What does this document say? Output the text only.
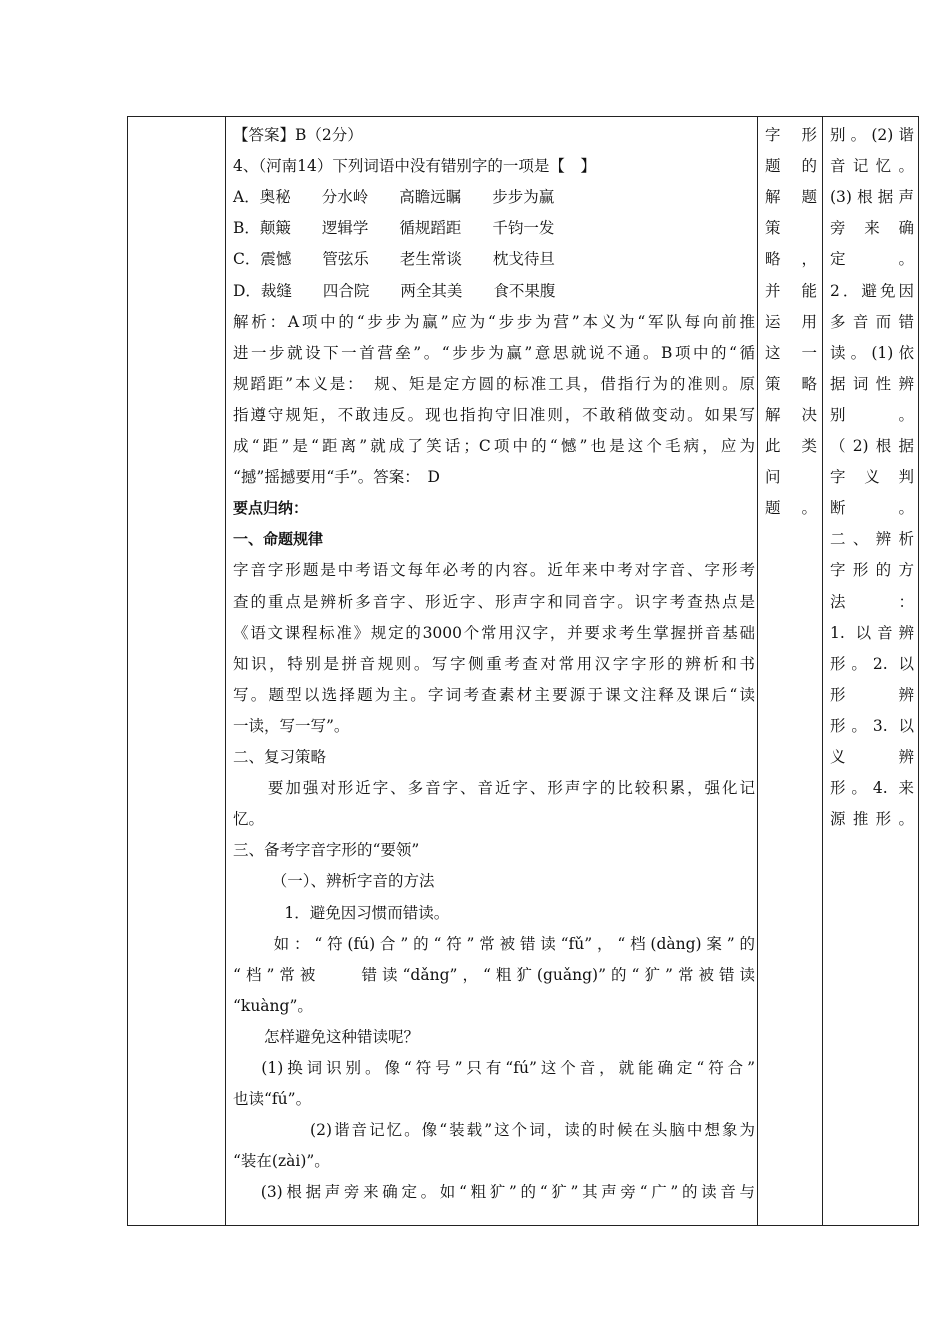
【答案】B（2分）
4、（河南14）下列词语中没有错别字的一项是【　】
A．奥秘　　分水岭　　高瞻远瞩　　步步为赢
B．颠簸　　逻辑学　　循规蹈距　　千钧一发
C．震憾　　管弦乐　　老生常谈　　枕戈待旦
D．裁缝　　四合院　　两全其美　　食不果腹
解析：A项中的“步步为赢”应为“步步为营”本义为“军队每向前推
进一步就设下一首营垒”。“步步为赢”意思就说不通。B项中的“循
规蹈距”本义是：　规、矩是定方圆的标准工具，借指行为的准则。原
指遵守规矩，不敢违反。现也指拘守旧准则，不敢稍做变动。如果写
成“距”是“距离”就成了笑话；C项中的“憾”也是这个毛病，应为
“撼”摇撼要用“手”。答案：　D
要点归纳：
一、命题规律
字音字形题是中考语文每年必考的内容。近年来中考对字音、字形考
查的重点是辨析多音字、形近字、形声字和同音字。识字考查热点是
《语文课程标准》规定的3000个常用汉字，并要求考生掌握拼音基础
知识，特别是拼音规则。写字侧重考查对常用汉字字形的辨析和书
写。题型以选择题为主。字词考查素材主要源于课文注释及课后“读
一读，写一写”。
二、复习策略
　　要加强对形近字、多音字、音近字、形声字的比较积累，强化记
忆。
三、备考字音字形的“要领”
　　　（一）、辨析字音的方法
　　　 1．避免因习惯而错读。
　　如：“符(fú)合”的“符”常被错读“fǔ”，“档(dàng)案”的
“档”常被　　错读“dǎng”，“粗犷(guǎng)”的“犷”常被错读
“kuàng”。
　　怎样避免这种错读呢？
　 (1)换词识别。像“符号”只有“fú”这个音，就能确定“符合”
也读“fú”。
　　　　 (2)谐音记忆。像“装载”这个词，读的时候在头脑中想象为
“装在(zài)”。
　 (3)根据声旁来确定。如“粗犷”的“犷”其声旁“广”的读音与
字形
题的
解题
策
略，
并能
运用
这一
策略
解决
此类
问
题。
别。(2)谐
音记忆。
(3)根据声
旁来确
定。
2．避免因
多音而错
读。(1)依
据词性辨
别　　。
（2)根据
字义判
断。
二、辨析
字形的方
法　　：
1. 以音辨
形。2. 以
形　　辨
形。3. 以
义　　辨
形。4. 来
源推形。
